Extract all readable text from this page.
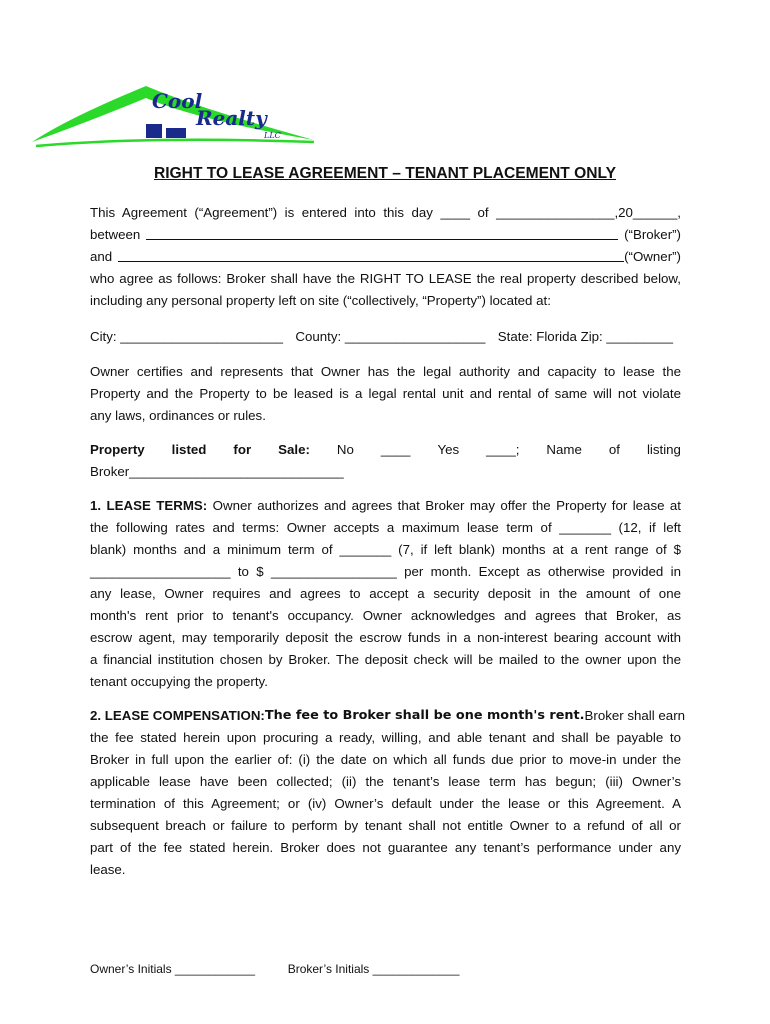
Cool
Realty
LLC
RIGHT TO LEASE AGREEMENT – TENANT PLACEMENT ONLY
This Agreement (“Agreement”) is entered into this day ____ of ________________,20______,
between	(“Broker”)
and	(“Owner”)
who agree as follows: Broker shall have the RIGHT TO LEASE the real property described below,
including any personal property left on site (“collectively, “Property”) located at:
City: ______________________ County: ___________________ State: Florida Zip: _________
Owner certifies and represents that Owner has the legal authority and capacity to lease the
Property and the Property to be leased is a legal rental unit and rental of same will not violate
any laws, ordinances or rules.
Property listed for Sale: No ____ Yes ____; Name of listing
Broker_____________________________
1. LEASE TERMS: Owner authorizes and agrees that Broker may offer the Property for lease at
the following rates and terms: Owner accepts a maximum lease term of _______ (12, if left
blank) months and a minimum term of _______ (7, if left blank) months at a rent range of $
___________________ to $ _________________ per month. Except as otherwise provided in
any lease, Owner requires and agrees to accept a security deposit in the amount of one
month's rent prior to tenant's occupancy. Owner acknowledges and agrees that Broker, as
escrow agent, may temporarily deposit the escrow funds in a non-interest bearing account with
a financial institution chosen by Broker. The deposit check will be mailed to the owner upon the
tenant occupying the property.
2. LEASE COMPENSATION: The fee to Broker shall be one month's rent. Broker shall earn
the fee stated herein upon procuring a ready, willing, and able tenant and shall be payable to
Broker in full upon the earlier of: (i) the date on which all funds due prior to move-in under the
applicable lease have been collected; (ii) the tenant’s lease term has begun; (iii) Owner’s
termination of this Agreement; or (iv) Owner’s default under the lease or this Agreement. A
subsequent breach or failure to perform by tenant shall not entitle Owner to a refund of all or
part of the fee stated herein. Broker does not guarantee any tenant’s performance under any
lease.
Owner’s Initials ____________	Broker’s Initials _____________
